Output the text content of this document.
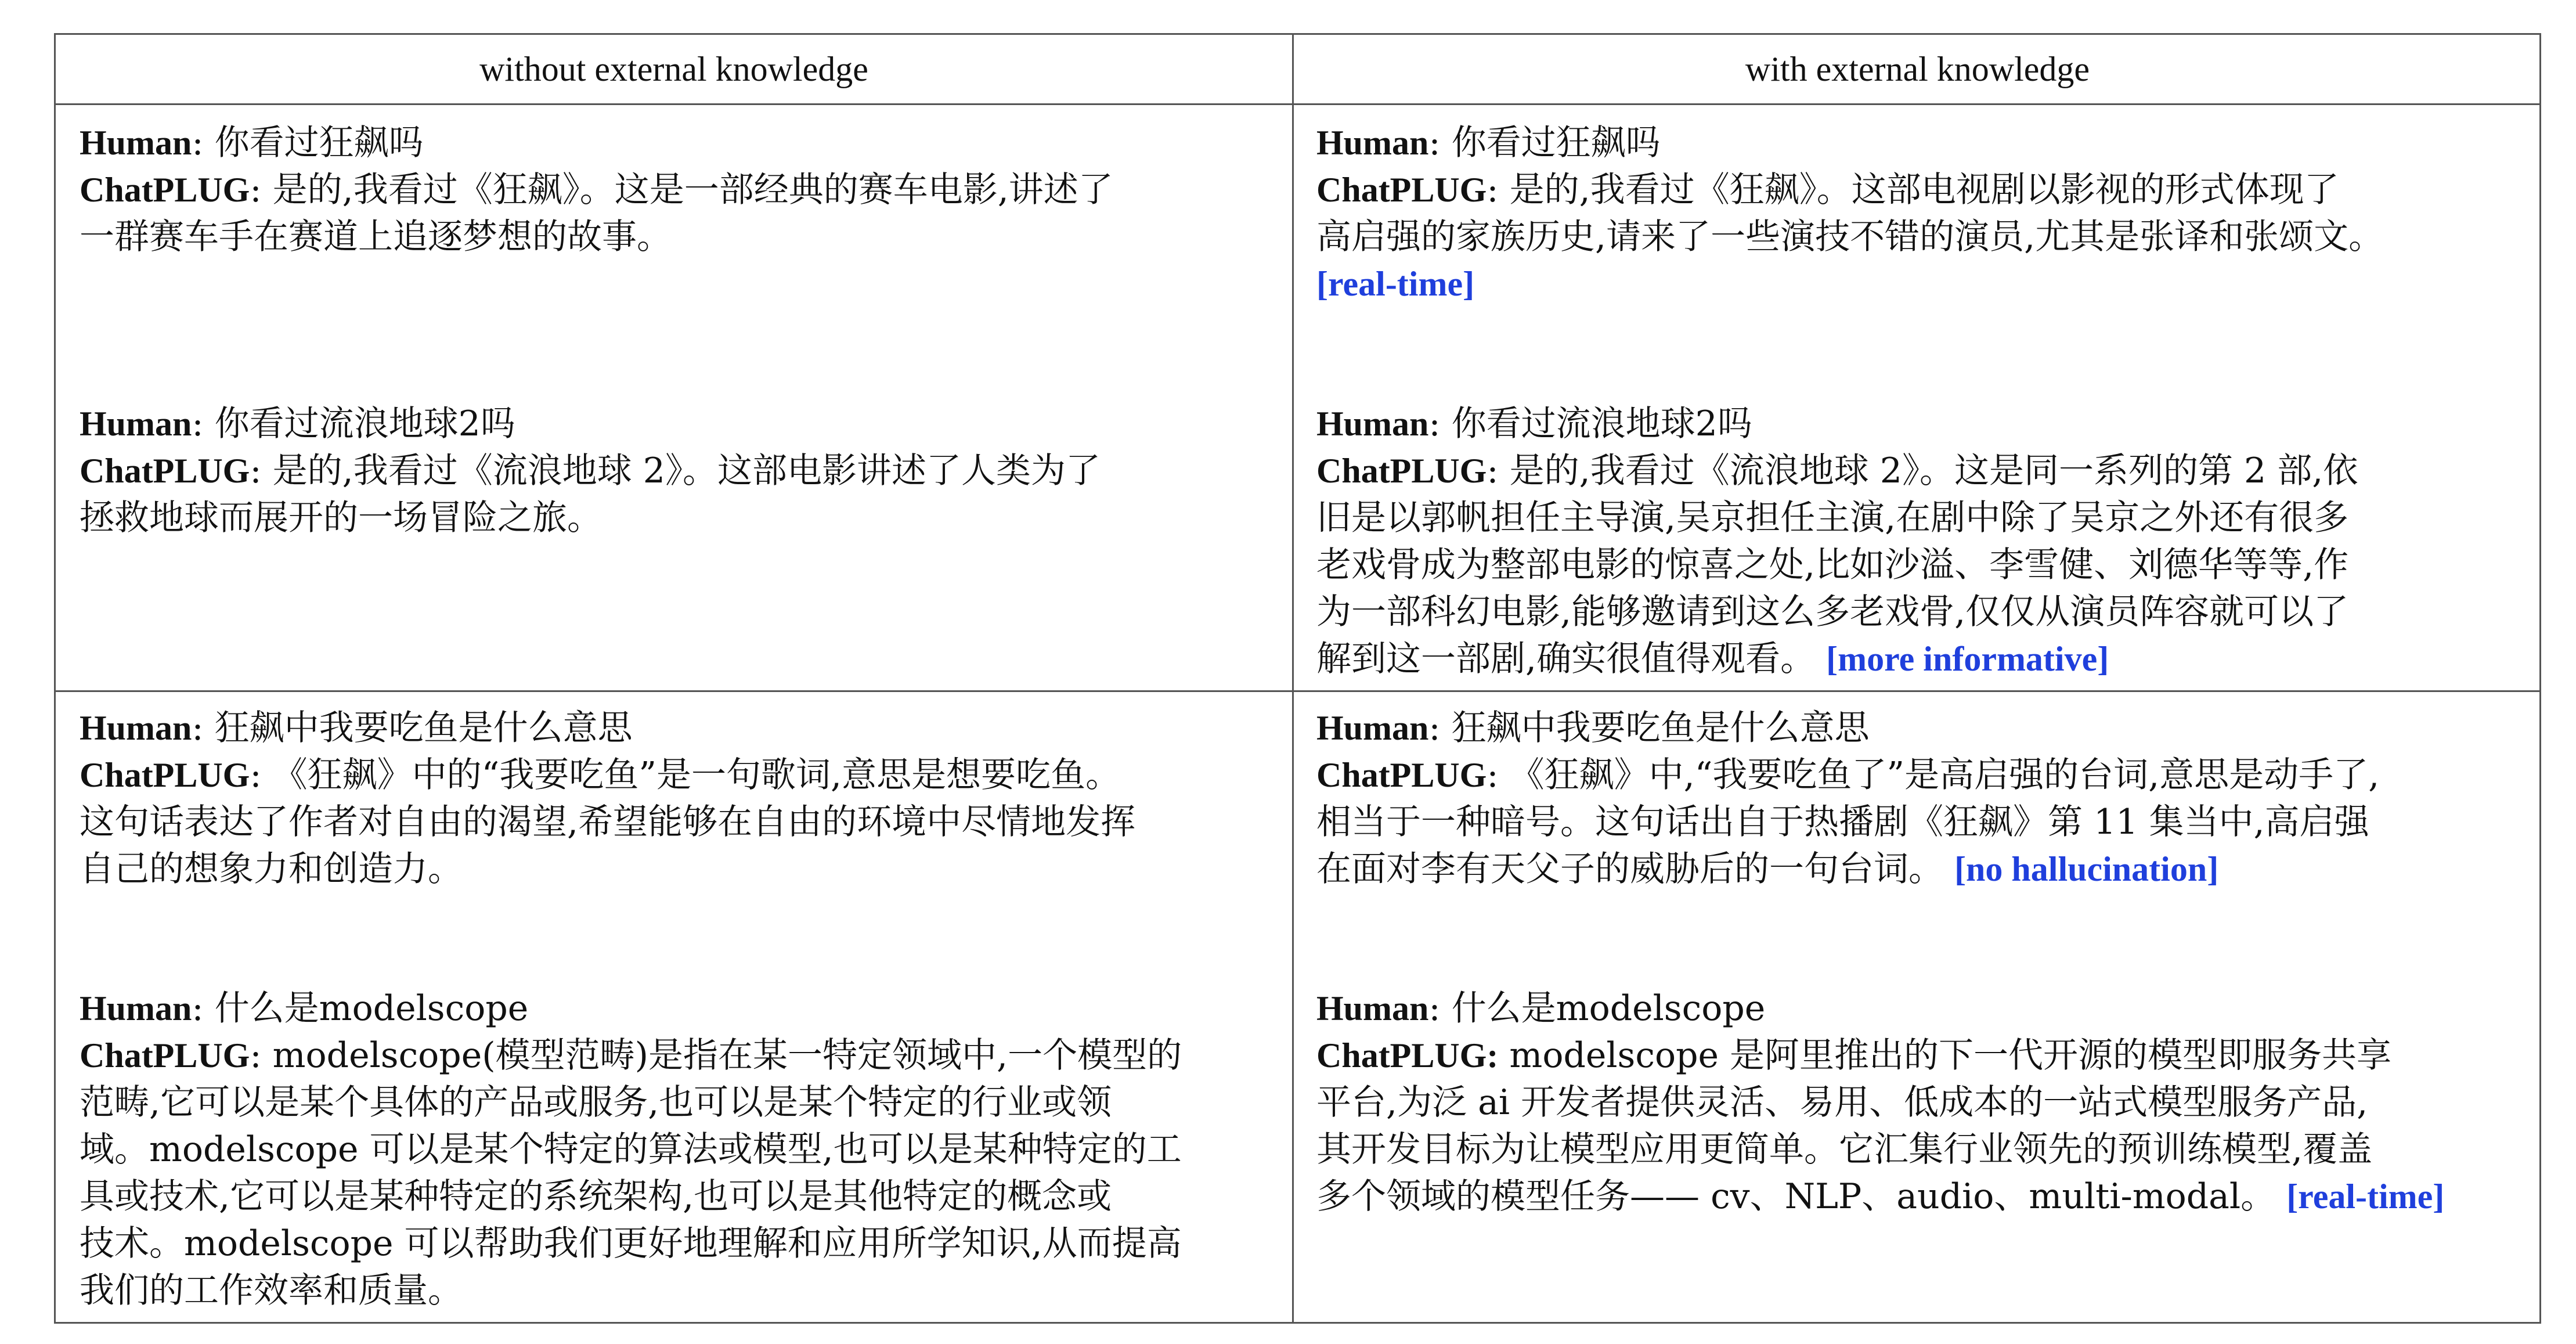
without external knowledge	with external knowledge
Human: 你看过狂飙吗
ChatPLUG: 是的,我看过《狂飙》。这是一部经典的赛车电影,讲述了
一群赛车手在赛道上追逐梦想的故事。
Human: 你看过流浪地球2吗
ChatPLUG: 是的,我看过《流浪地球 2》。这部电影讲述了人类为了
拯救地球而展开的一场冒险之旅。
Human: 你看过狂飙吗
ChatPLUG: 是的,我看过《狂飙》。这部电视剧以影视的形式体现了
高启强的家族历史,请来了一些演技不错的演员,尤其是张译和张颂文。
[real-time]
Human: 你看过流浪地球2吗
ChatPLUG: 是的,我看过《流浪地球 2》。这是同一系列的第 2 部,依
旧是以郭帆担任主导演,吴京担任主演,在剧中除了吴京之外还有很多
老戏骨成为整部电影的惊喜之处,比如沙溢、李雪健、刘德华等等,作
为一部科幻电影,能够邀请到这么多老戏骨,仅仅从演员阵容就可以了
解到这一部剧,确实很值得观看。 [more informative]
Human: 狂飙中我要吃鱼是什么意思
ChatPLUG: 《狂飙》中的“我要吃鱼”是一句歌词,意思是想要吃鱼。
这句话表达了作者对自由的渴望,希望能够在自由的环境中尽情地发挥
自己的想象力和创造力。
Human: 什么是modelscope
ChatPLUG: modelscope(模型范畴)是指在某一特定领域中,一个模型的
范畴,它可以是某个具体的产品或服务,也可以是某个特定的行业或领
域。modelscope 可以是某个特定的算法或模型,也可以是某种特定的工
具或技术,它可以是某种特定的系统架构,也可以是其他特定的概念或
技术。modelscope 可以帮助我们更好地理解和应用所学知识,从而提高
我们的工作效率和质量。
Human: 狂飙中我要吃鱼是什么意思
ChatPLUG: 《狂飙》中,“我要吃鱼了”是高启强的台词,意思是动手了,
相当于一种暗号。这句话出自于热播剧《狂飙》第 11 集当中,高启强
在面对李有天父子的威胁后的一句台词。 [no hallucination]
Human: 什么是modelscope
ChatPLUG: modelscope 是阿里推出的下一代开源的模型即服务共享
平台,为泛 ai 开发者提供灵活、易用、低成本的一站式模型服务产品,
其开发目标为让模型应用更简单。它汇集行业领先的预训练模型,覆盖
多个领域的模型任务—— cv、NLP、audio、multi-modal。 [real-time]
